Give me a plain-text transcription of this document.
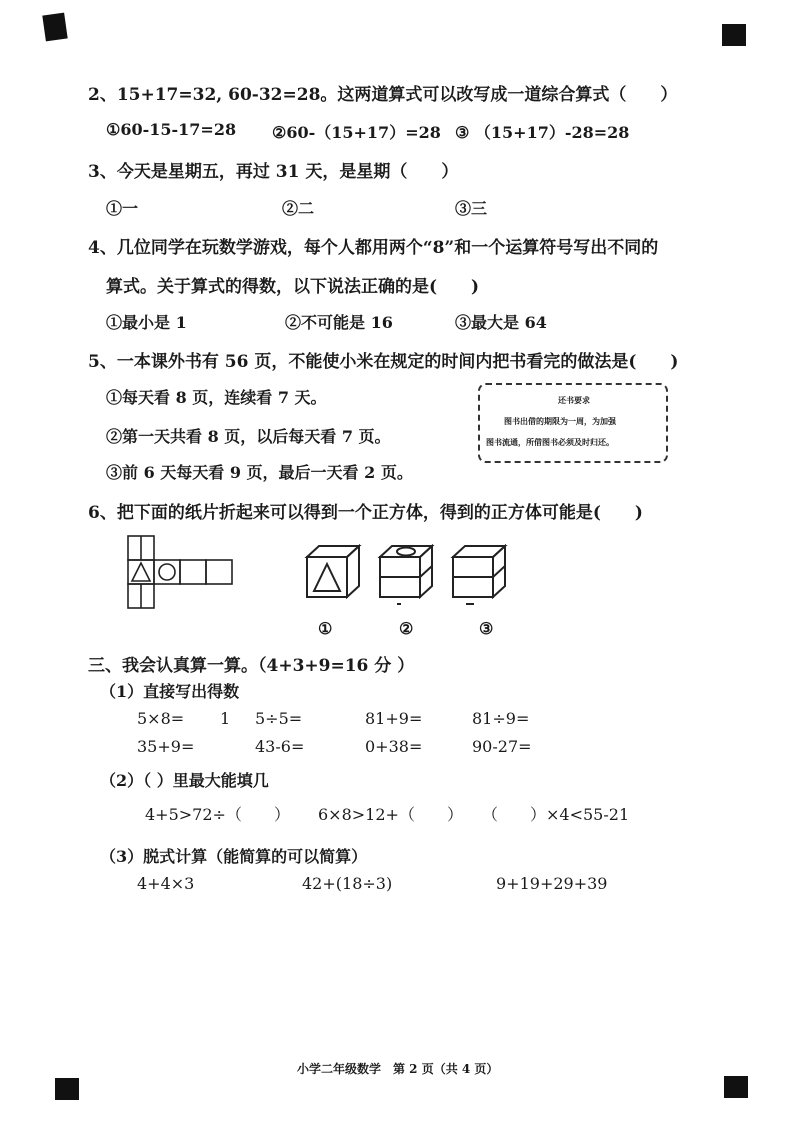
2、15+17=32, 60-32=28。这两道算式可以改写成一道综合算式（　　）
①60-15-17=28 ②60-（15+17）=28 ③ （15+17）-28=28
3、今天是星期五，再过 31 天，是星期（　　）
①一	②二	③三
4、几位同学在玩数学游戏，每个人都用两个“8”和一个运算符号写出不同的
算式。关于算式的得数，以下说法正确的是(　　)
①最小是 1	②不可能是 16	③最大是 64
5、一本课外书有 56 页，不能使小米在规定的时间内把书看完的做法是(　　)
①每天看 8 页，连续看 7 天。
②第一天共看 8 页，以后每天看 7 页。
③前 6 天每天看 9 页，最后一天看 2 页。
还书要求
图书出借的期限为一周，为加强
图书流通，所借图书必须及时归还。
6、把下面的纸片折起来可以得到一个正方体，得到的正方体可能是(　　)
①	②	③
三、我会认真算一算。（4+3+9=16 分 ）
（1）直接写出得数
5×8= 1 5÷5=	81+9=	81÷9=
35+9=	43-6=	0+38=	90-27=
（2）（ ）里最大能填几
4+5>72÷（　　） 6×8>12+（　　） （　　）×4<55-21
（3）脱式计算（能简算的可以简算）
4+4×3	42+(18÷3)	9+19+29+39
小学二年级数学　第 2 页（共 4 页）
